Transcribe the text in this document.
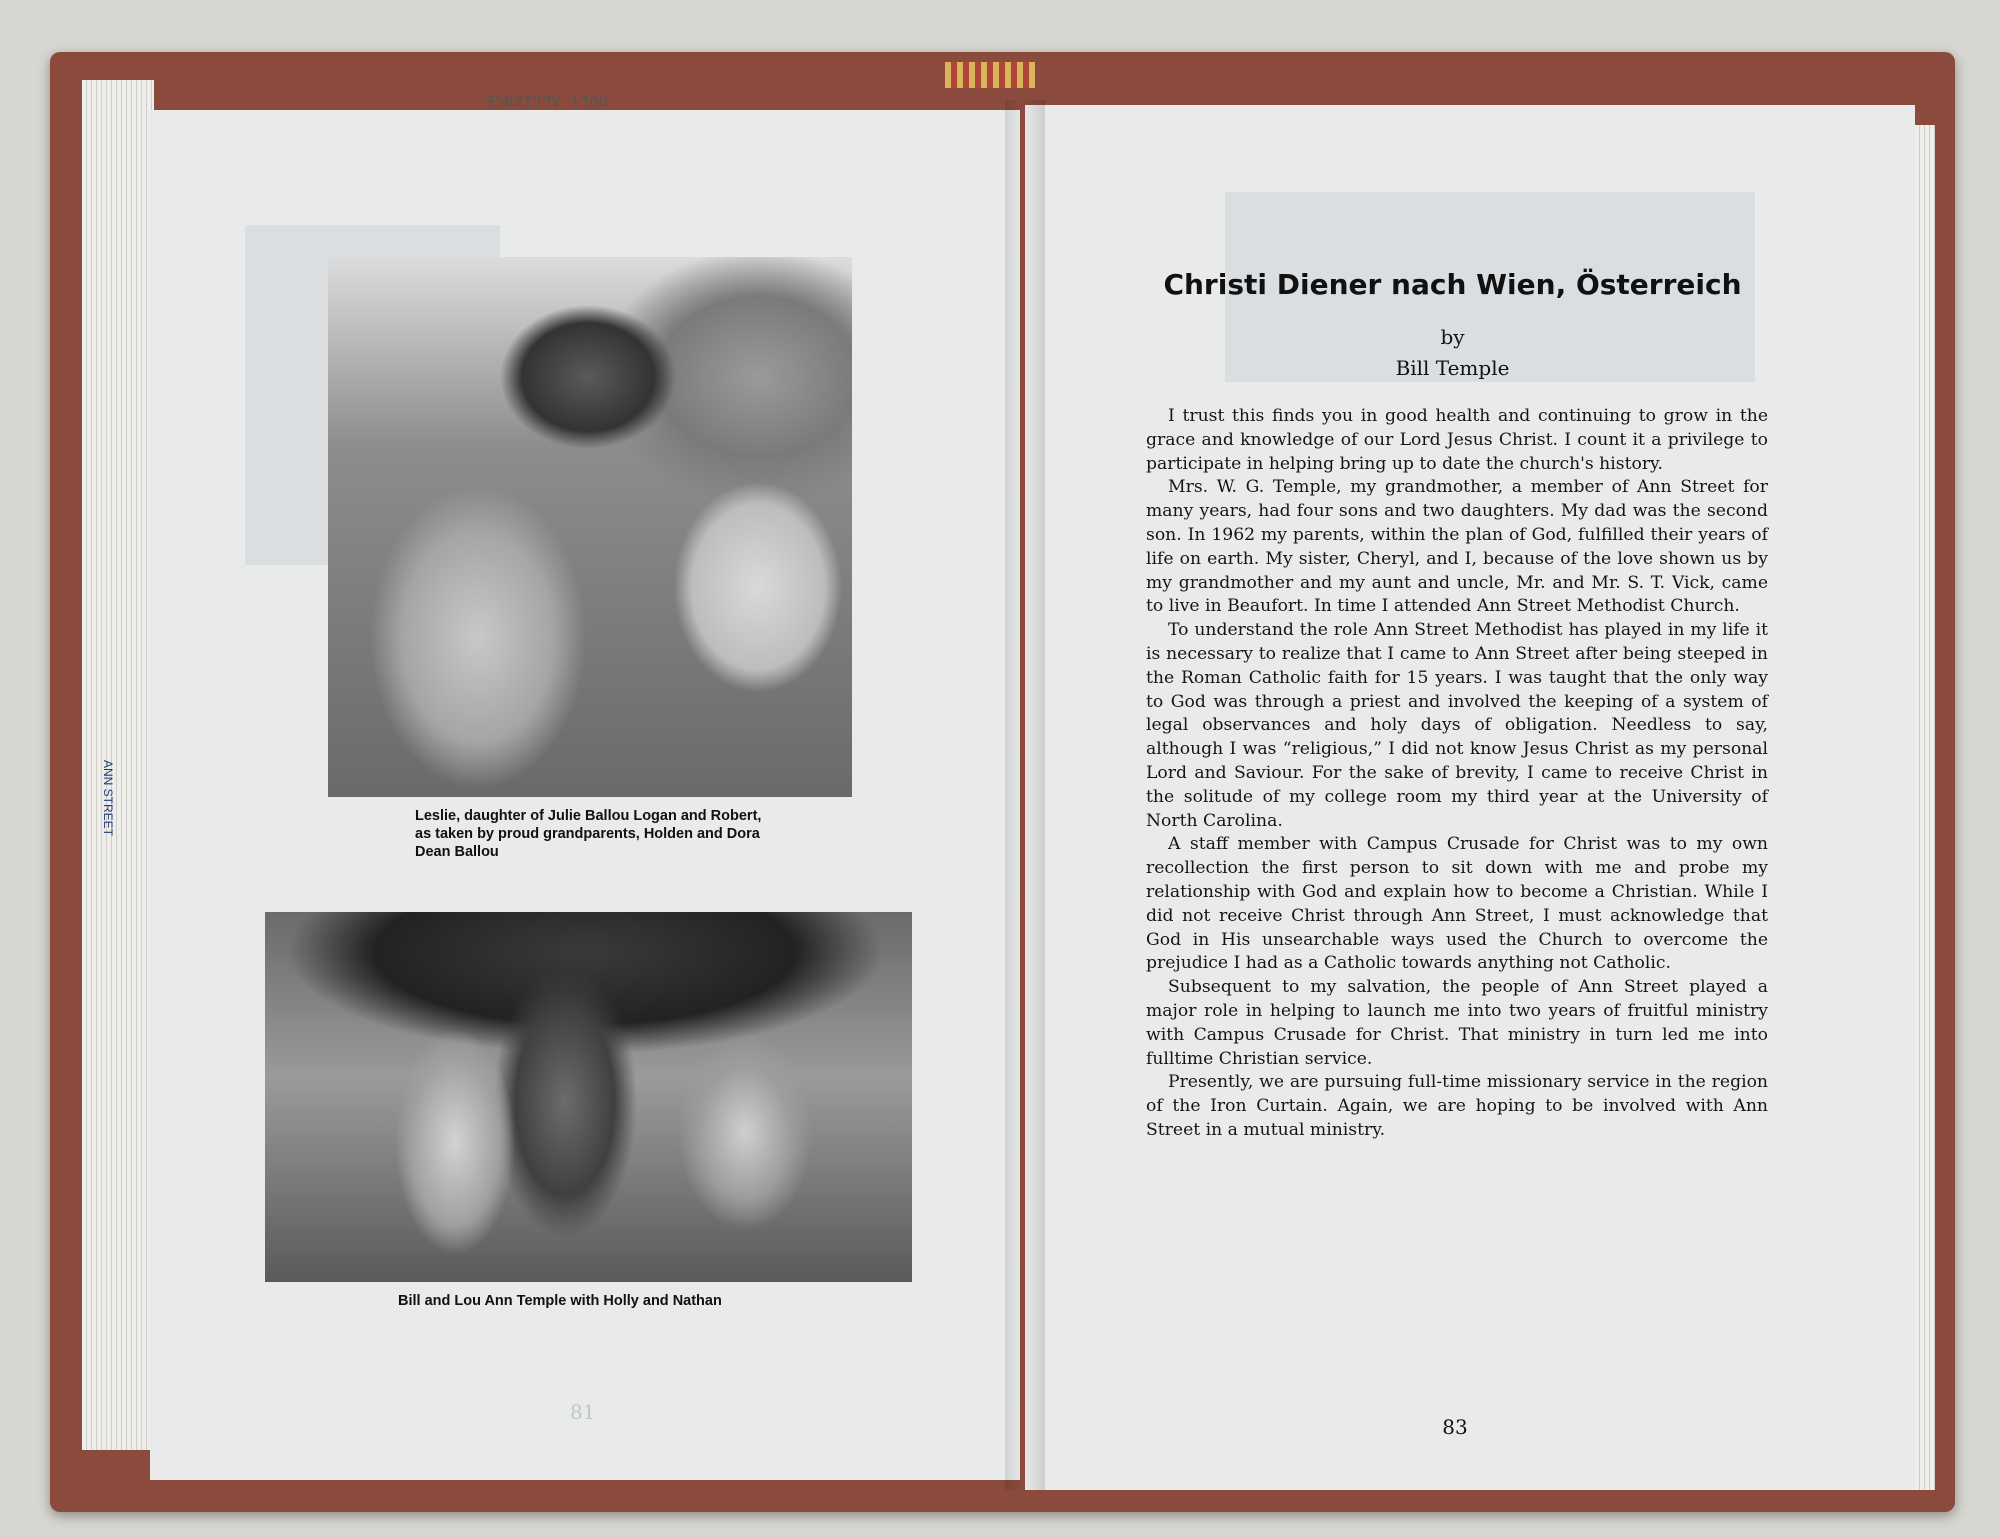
HOLY ALLIANCE
ANN STREET	Leslie, daughter of Julie Ballou Logan and Robert, as taken by proud grandparents, Holden and Dora Dean Ballou

Bill and Lou Ann Temple with Holly and Nathan

81
Christi Diener nach Wien, Österreich

by

Bill Temple

I trust this finds you in good health and continuing to grow in the grace and knowledge of our Lord Jesus Christ. I count it a privilege to participate in helping bring up to date the church's history.

Mrs. W. G. Temple, my grandmother, a member of Ann Street for many years, had four sons and two daughters. My dad was the second son. In 1962 my parents, within the plan of God, fulfilled their years of life on earth. My sister, Cheryl, and I, because of the love shown us by my grandmother and my aunt and uncle, Mr. and Mr. S. T. Vick, came to live in Beaufort. In time I attended Ann Street Methodist Church.

To understand the role Ann Street Methodist has played in my life it is necessary to realize that I came to Ann Street after being steeped in the Roman Catholic faith for 15 years. I was taught that the only way to God was through a priest and involved the keeping of a system of legal observances and holy days of obligation. Needless to say, although I was “religious,” I did not know Jesus Christ as my personal Lord and Saviour. For the sake of brevity, I came to receive Christ in the solitude of my college room my third year at the University of North Carolina.

A staff member with Campus Crusade for Christ was to my own recollection the first person to sit down with me and probe my relationship with God and explain how to become a Christian. While I did not receive Christ through Ann Street, I must acknowledge that God in His unsearchable ways used the Church to overcome the prejudice I had as a Catholic towards anything not Catholic.

Subsequent to my salvation, the people of Ann Street played a major role in helping to launch me into two years of fruitful ministry with Campus Crusade for Christ. That ministry in turn led me into fulltime Christian service.

Presently, we are pursuing full-time missionary service in the region of the Iron Curtain. Again, we are hoping to be involved with Ann Street in a mutual ministry.

83
